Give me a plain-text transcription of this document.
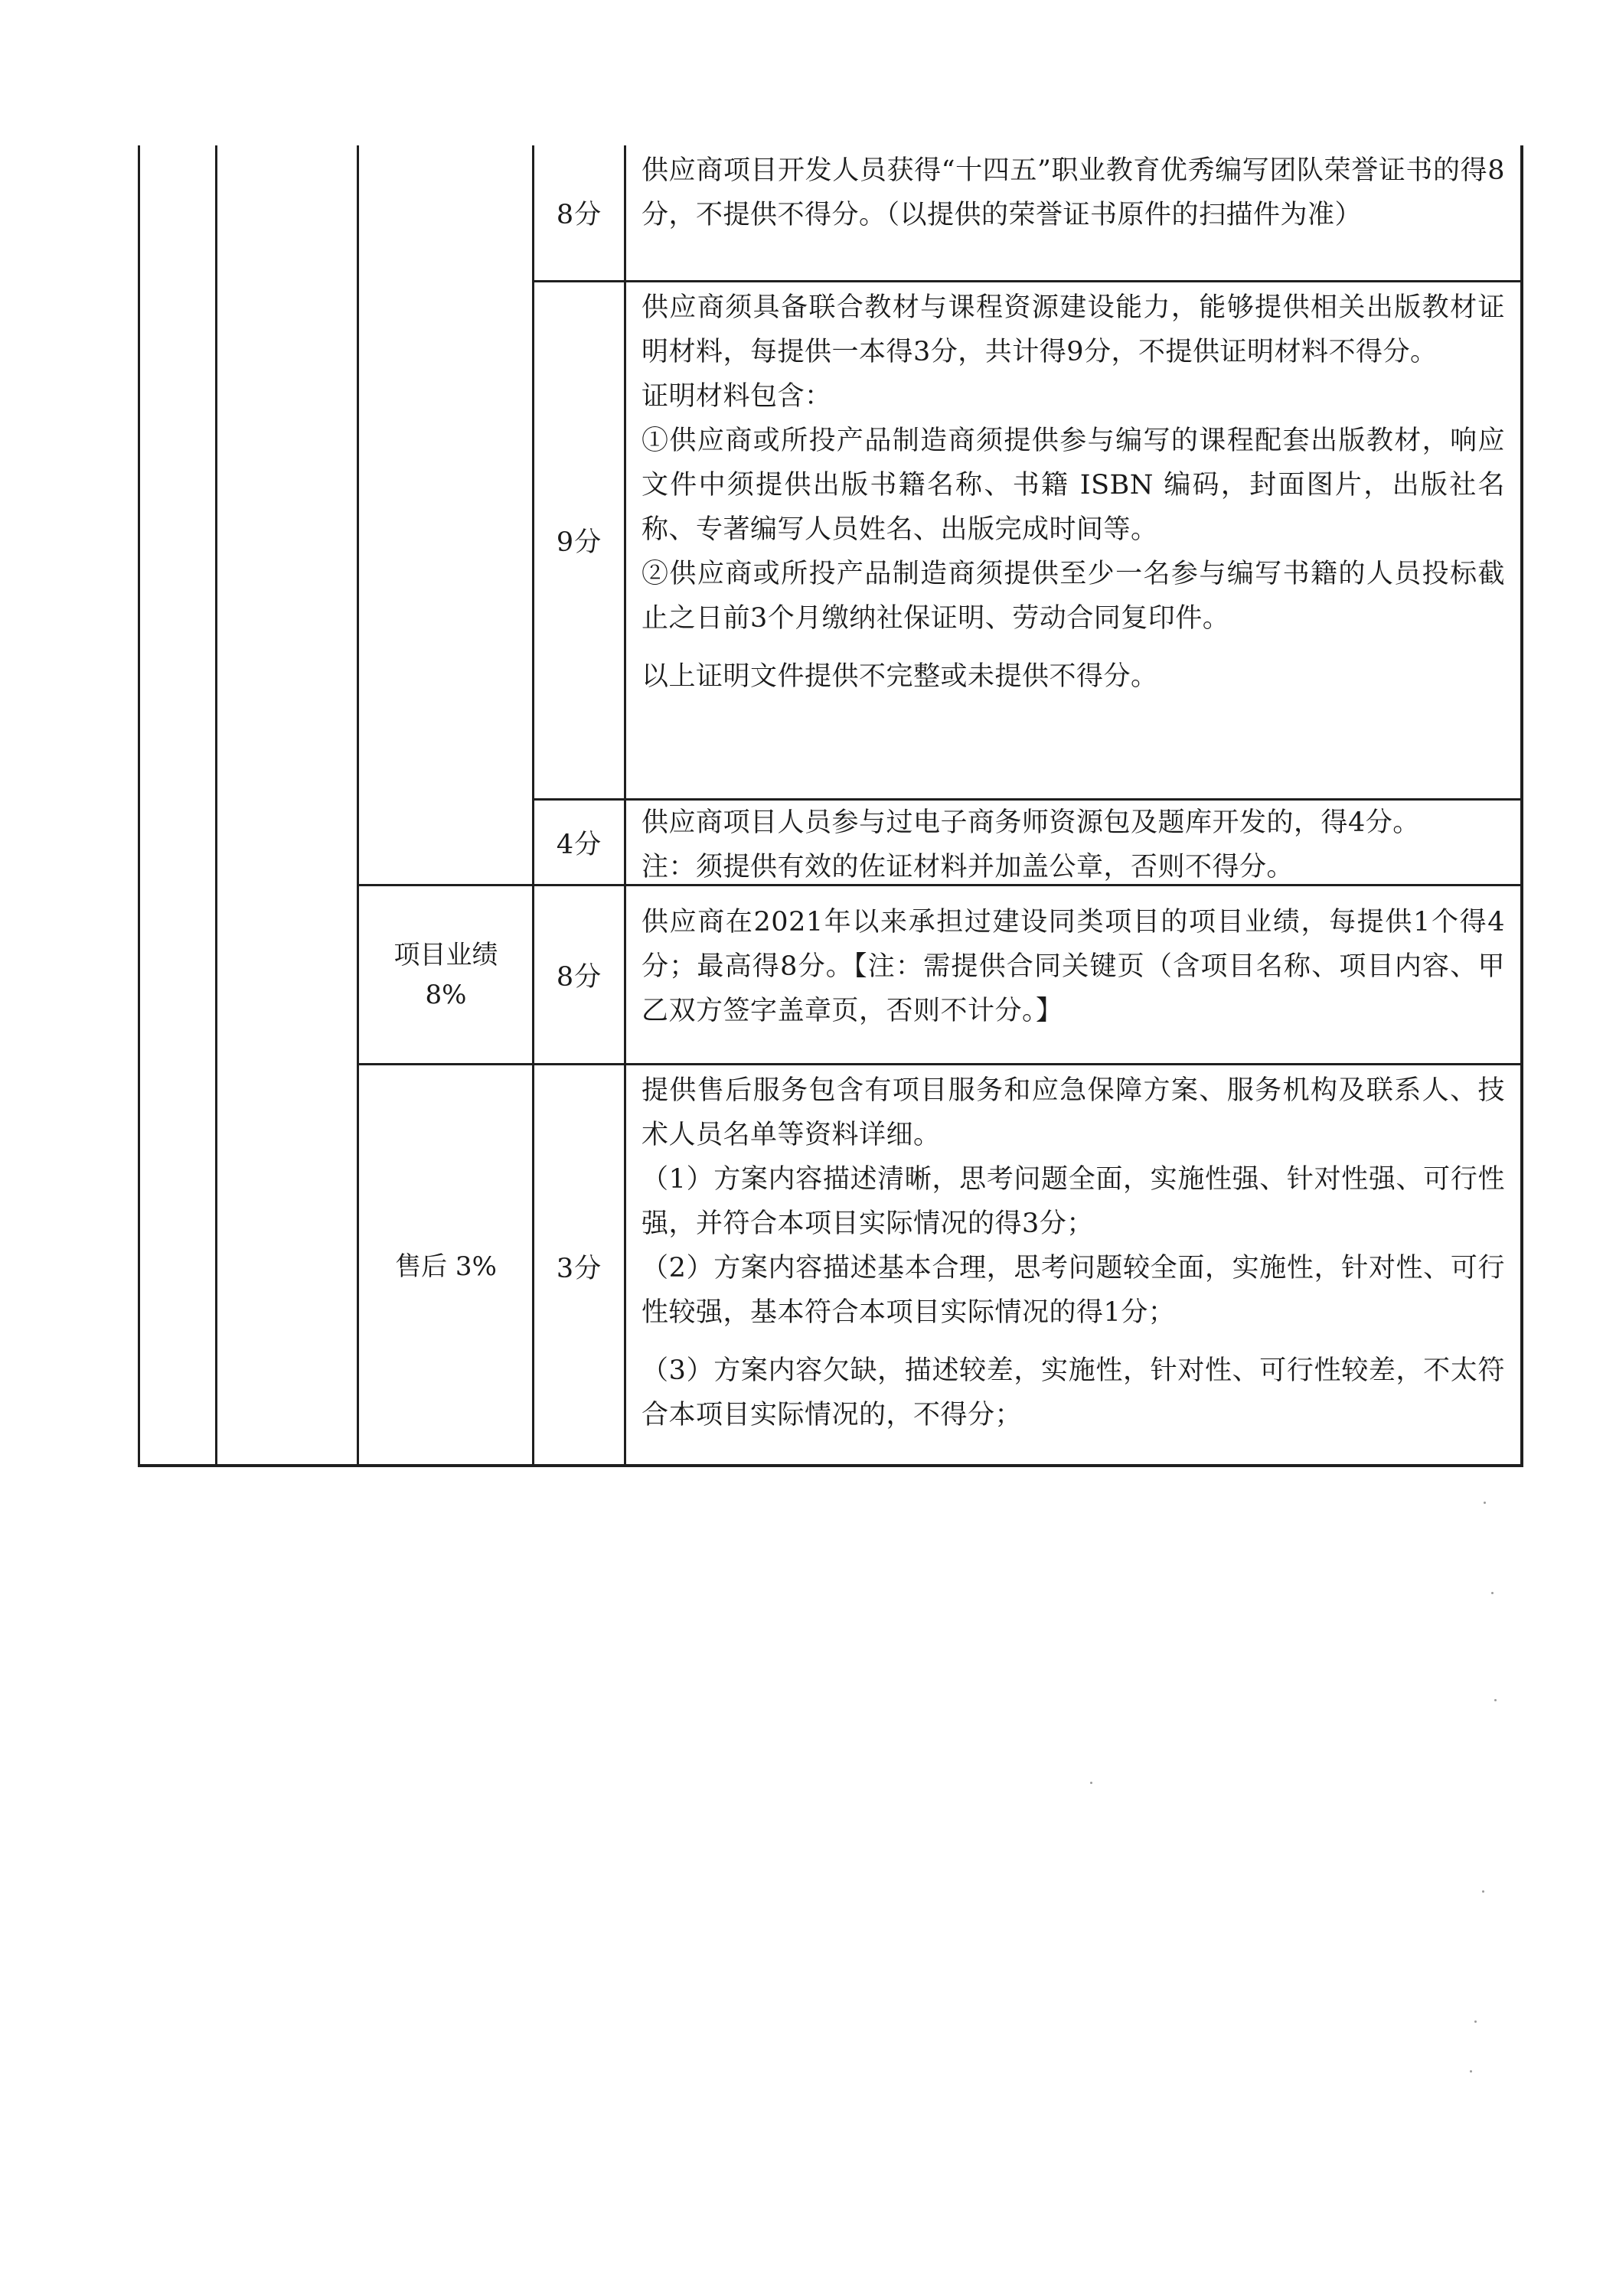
8分

供应商项目开发人员获得“十四五”职业教育优秀编写团队荣誉证书的得8分，不提供不得分。（以提供的荣誉证书原件的扫描件为准）

9分

供应商须具备联合教材与课程资源建设能力，能够提供相关出版教材证明材料，每提供一本得3分，共计得9分，不提供证明材料不得分。

证明材料包含：

①供应商或所投产品制造商须提供参与编写的课程配套出版教材，响应文件中须提供出版书籍名称、书籍 ISBN 编码，封面图片，出版社名称、专著编写人员姓名、出版完成时间等。

②供应商或所投产品制造商须提供至少一名参与编写书籍的人员投标截止之日前3个月缴纳社保证明、劳动合同复印件。

以上证明文件提供不完整或未提供不得分。

4分

供应商项目人员参与过电子商务师资源包及题库开发的，得4分。

注：须提供有效的佐证材料并加盖公章，否则不得分。

项目业绩
8%
8分

供应商在2021年以来承担过建设同类项目的项目业绩，每提供1个得4分；最高得8分。【注：需提供合同关键页（含项目名称、项目内容、甲乙双方签字盖章页，否则不计分。】

售后 3%	3分

提供售后服务包含有项目服务和应急保障方案、服务机构及联系人、技术人员名单等资料详细。

（1）方案内容描述清晰，思考问题全面，实施性强、针对性强、可行性强，并符合本项目实际情况的得3分；

（2）方案内容描述基本合理，思考问题较全面，实施性，针对性、可行性较强，基本符合本项目实际情况的得1分；

（3）方案内容欠缺，描述较差，实施性，针对性、可行性较差，不太符合本项目实际情况的，不得分；
